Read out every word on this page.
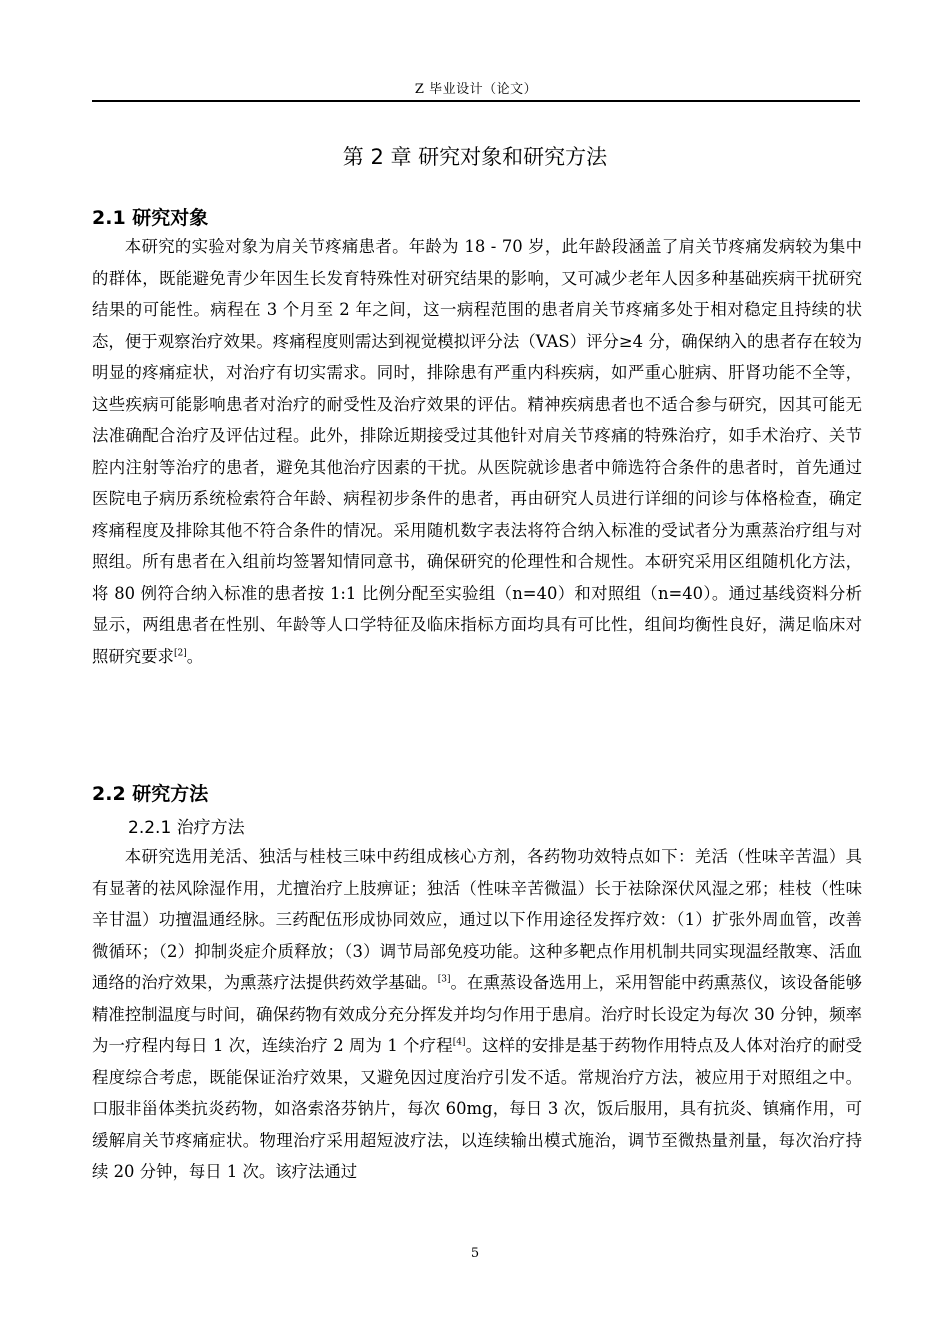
Z 毕业设计（论文）
第 2 章 研究对象和研究方法
2.1 研究对象

本研究的实验对象为肩关节疼痛患者。年龄为 18 - 70 岁，此年龄段涵盖了肩关节疼痛发病较为集中的群体，既能避免青少年因生长发育特殊性对研究结果的影响，又可减少老年人因多种基础疾病干扰研究结果的可能性。病程在 3 个月至 2 年之间，这一病程范围的患者肩关节疼痛多处于相对稳定且持续的状态，便于观察治疗效果。疼痛程度则需达到视觉模拟评分法（VAS）评分≥4 分，确保纳入的患者存在较为明显的疼痛症状，对治疗有切实需求。同时，排除患有严重内科疾病，如严重心脏病、肝肾功能不全等，这些疾病可能影响患者对治疗的耐受性及治疗效果的评估。精神疾病患者也不适合参与研究，因其可能无法准确配合治疗及评估过程。此外，排除近期接受过其他针对肩关节疼痛的特殊治疗，如手术治疗、关节腔内注射等治疗的患者，避免其他治疗因素的干扰。从医院就诊患者中筛选符合条件的患者时，首先通过医院电子病历系统检索符合年龄、病程初步条件的患者，再由研究人员进行详细的问诊与体格检查，确定疼痛程度及排除其他不符合条件的情况。采用随机数字表法将符合纳入标准的受试者分为熏蒸治疗组与对照组。所有患者在入组前均签署知情同意书，确保研究的伦理性和合规性。本研究采用区组随机化方法，将 80 例符合纳入标准的患者按 1:1 比例分配至实验组（n=40）和对照组（n=40）。通过基线资料分析显示，两组患者在性别、年龄等人口学特征及临床指标方面均具有可比性，组间均衡性良好，满足临床对照研究要求[2]。

2.2 研究方法
2.2.1 治疗方法

本研究选用羌活、独活与桂枝三味中药组成核心方剂，各药物功效特点如下：羌活（性味辛苦温）具有显著的祛风除湿作用，尤擅治疗上肢痹证；独活（性味辛苦微温）长于祛除深伏风湿之邪；桂枝（性味辛甘温）功擅温通经脉。三药配伍形成协同效应，通过以下作用途径发挥疗效：（1）扩张外周血管，改善微循环；（2）抑制炎症介质释放；（3）调节局部免疫功能。这种多靶点作用机制共同实现温经散寒、活血通络的治疗效果，为熏蒸疗法提供药效学基础。[3]。在熏蒸设备选用上，采用智能中药熏蒸仪，该设备能够精准控制温度与时间，确保药物有效成分充分挥发并均匀作用于患肩。治疗时长设定为每次 30 分钟，频率为一疗程内每日 1 次，连续治疗 2 周为 1 个疗程[4]。这样的安排是基于药物作用特点及人体对治疗的耐受程度综合考虑，既能保证治疗效果，又避免因过度治疗引发不适。常规治疗方法，被应用于对照组之中。口服非甾体类抗炎药物，如洛索洛芬钠片，每次 60mg，每日 3 次，饭后服用，具有抗炎、镇痛作用，可缓解肩关节疼痛症状。物理治疗采用超短波疗法，以连续输出模式施治，调节至微热量剂量，每次治疗持续 20 分钟，每日 1 次。该疗法通过

5
